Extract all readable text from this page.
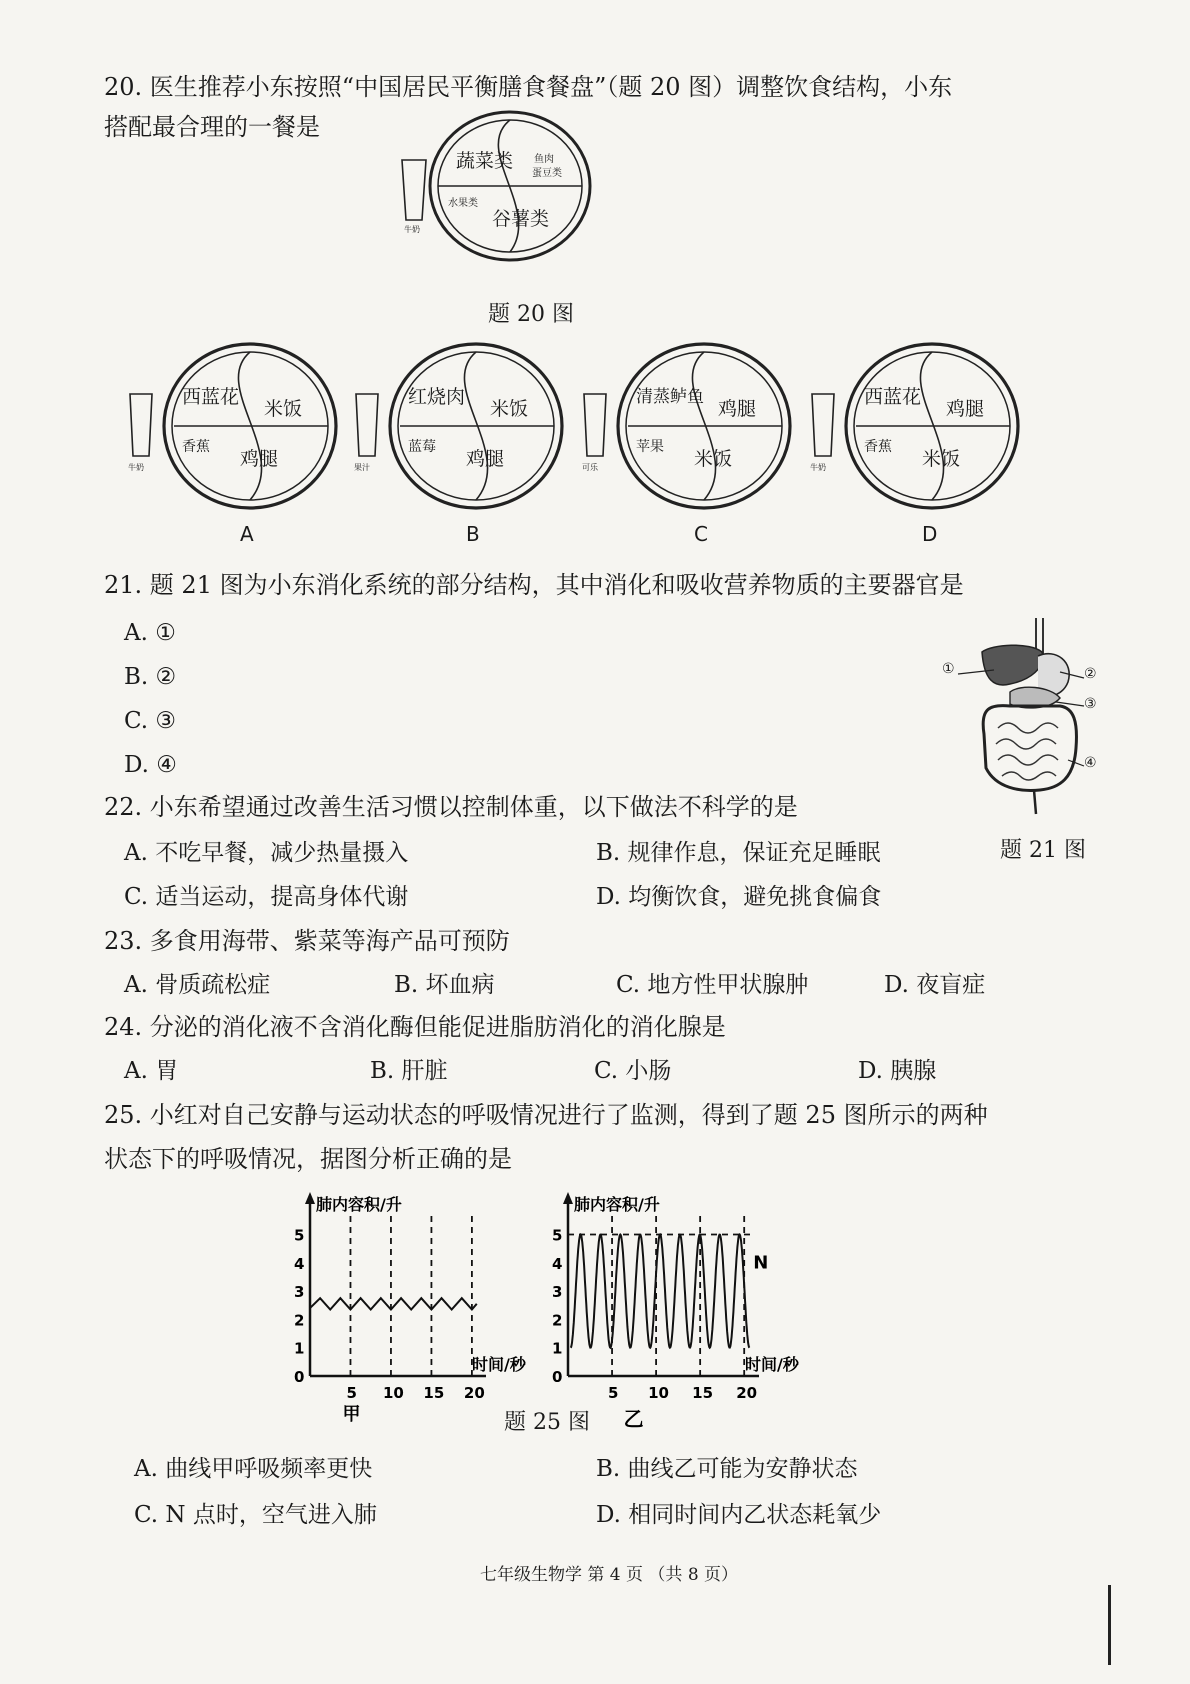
20. 医生推荐小东按照“中国居民平衡膳食餐盘”（题 20 图）调整饮食结构，小东
搭配最合理的一餐是
牛奶
蔬菜类 鱼肉
蛋豆类
水果类
谷薯类
题 20 图
牛奶
西蓝花
米饭
香蕉
鸡腿
A
果汁
红烧肉
米饭
蓝莓
鸡腿
B
可乐
清蒸鲈鱼
鸡腿
苹果
米饭
C
牛奶
西蓝花
鸡腿
香蕉
米饭
D
21. 题 21 图为小东消化系统的部分结构，其中消化和吸收营养物质的主要器官是
A. ①
B. ②
C. ③
D. ④
①	②
③
④
题 21 图
22. 小东希望通过改善生活习惯以控制体重，以下做法不科学的是
A. 不吃早餐，减少热量摄入	B. 规律作息，保证充足睡眠
C. 适当运动，提高身体代谢	D. 均衡饮食，避免挑食偏食
23. 多食用海带、紫菜等海产品可预防
A. 骨质疏松症	B. 坏血病	C. 地方性甲状腺肿	D. 夜盲症
24. 分泌的消化液不含消化酶但能促进脂肪消化的消化腺是
A. 胃	B. 肝脏	C. 小肠	D. 胰腺
25. 小红对自己安静与运动状态的呼吸情况进行了监测，得到了题 25 图所示的两种
状态下的呼吸情况，据图分析正确的是
肺内容积/升
时间/秒
0
1
2
3
4
5
5 10 15 20
甲
肺内容积/升
时间/秒
0
1
2
3
4
5
5 10 15 20
N
乙
题 25 图
A. 曲线甲呼吸频率更快	B. 曲线乙可能为安静状态
C. N 点时，空气进入肺	D. 相同时间内乙状态耗氧少
七年级生物学 第 4 页 （共 8 页）
